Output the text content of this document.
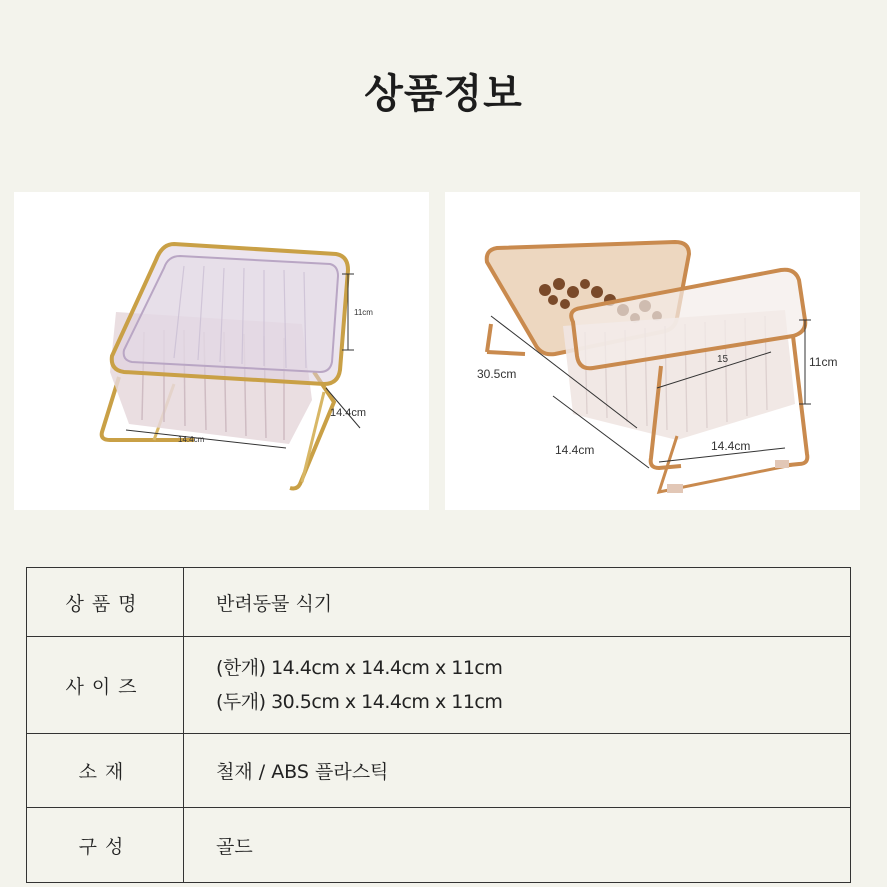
상품정보
11cm
14.4cm
14.4cm
30.5cm
14.4cm	14.4cm
11cm
15
상품명	반려동물 식기
사이즈	(한개) 14.4cm x 14.4cm x 11cm
(두개) 30.5cm x 14.4cm x 11cm

소재	철재 / ABS 플라스틱
구성	골드
